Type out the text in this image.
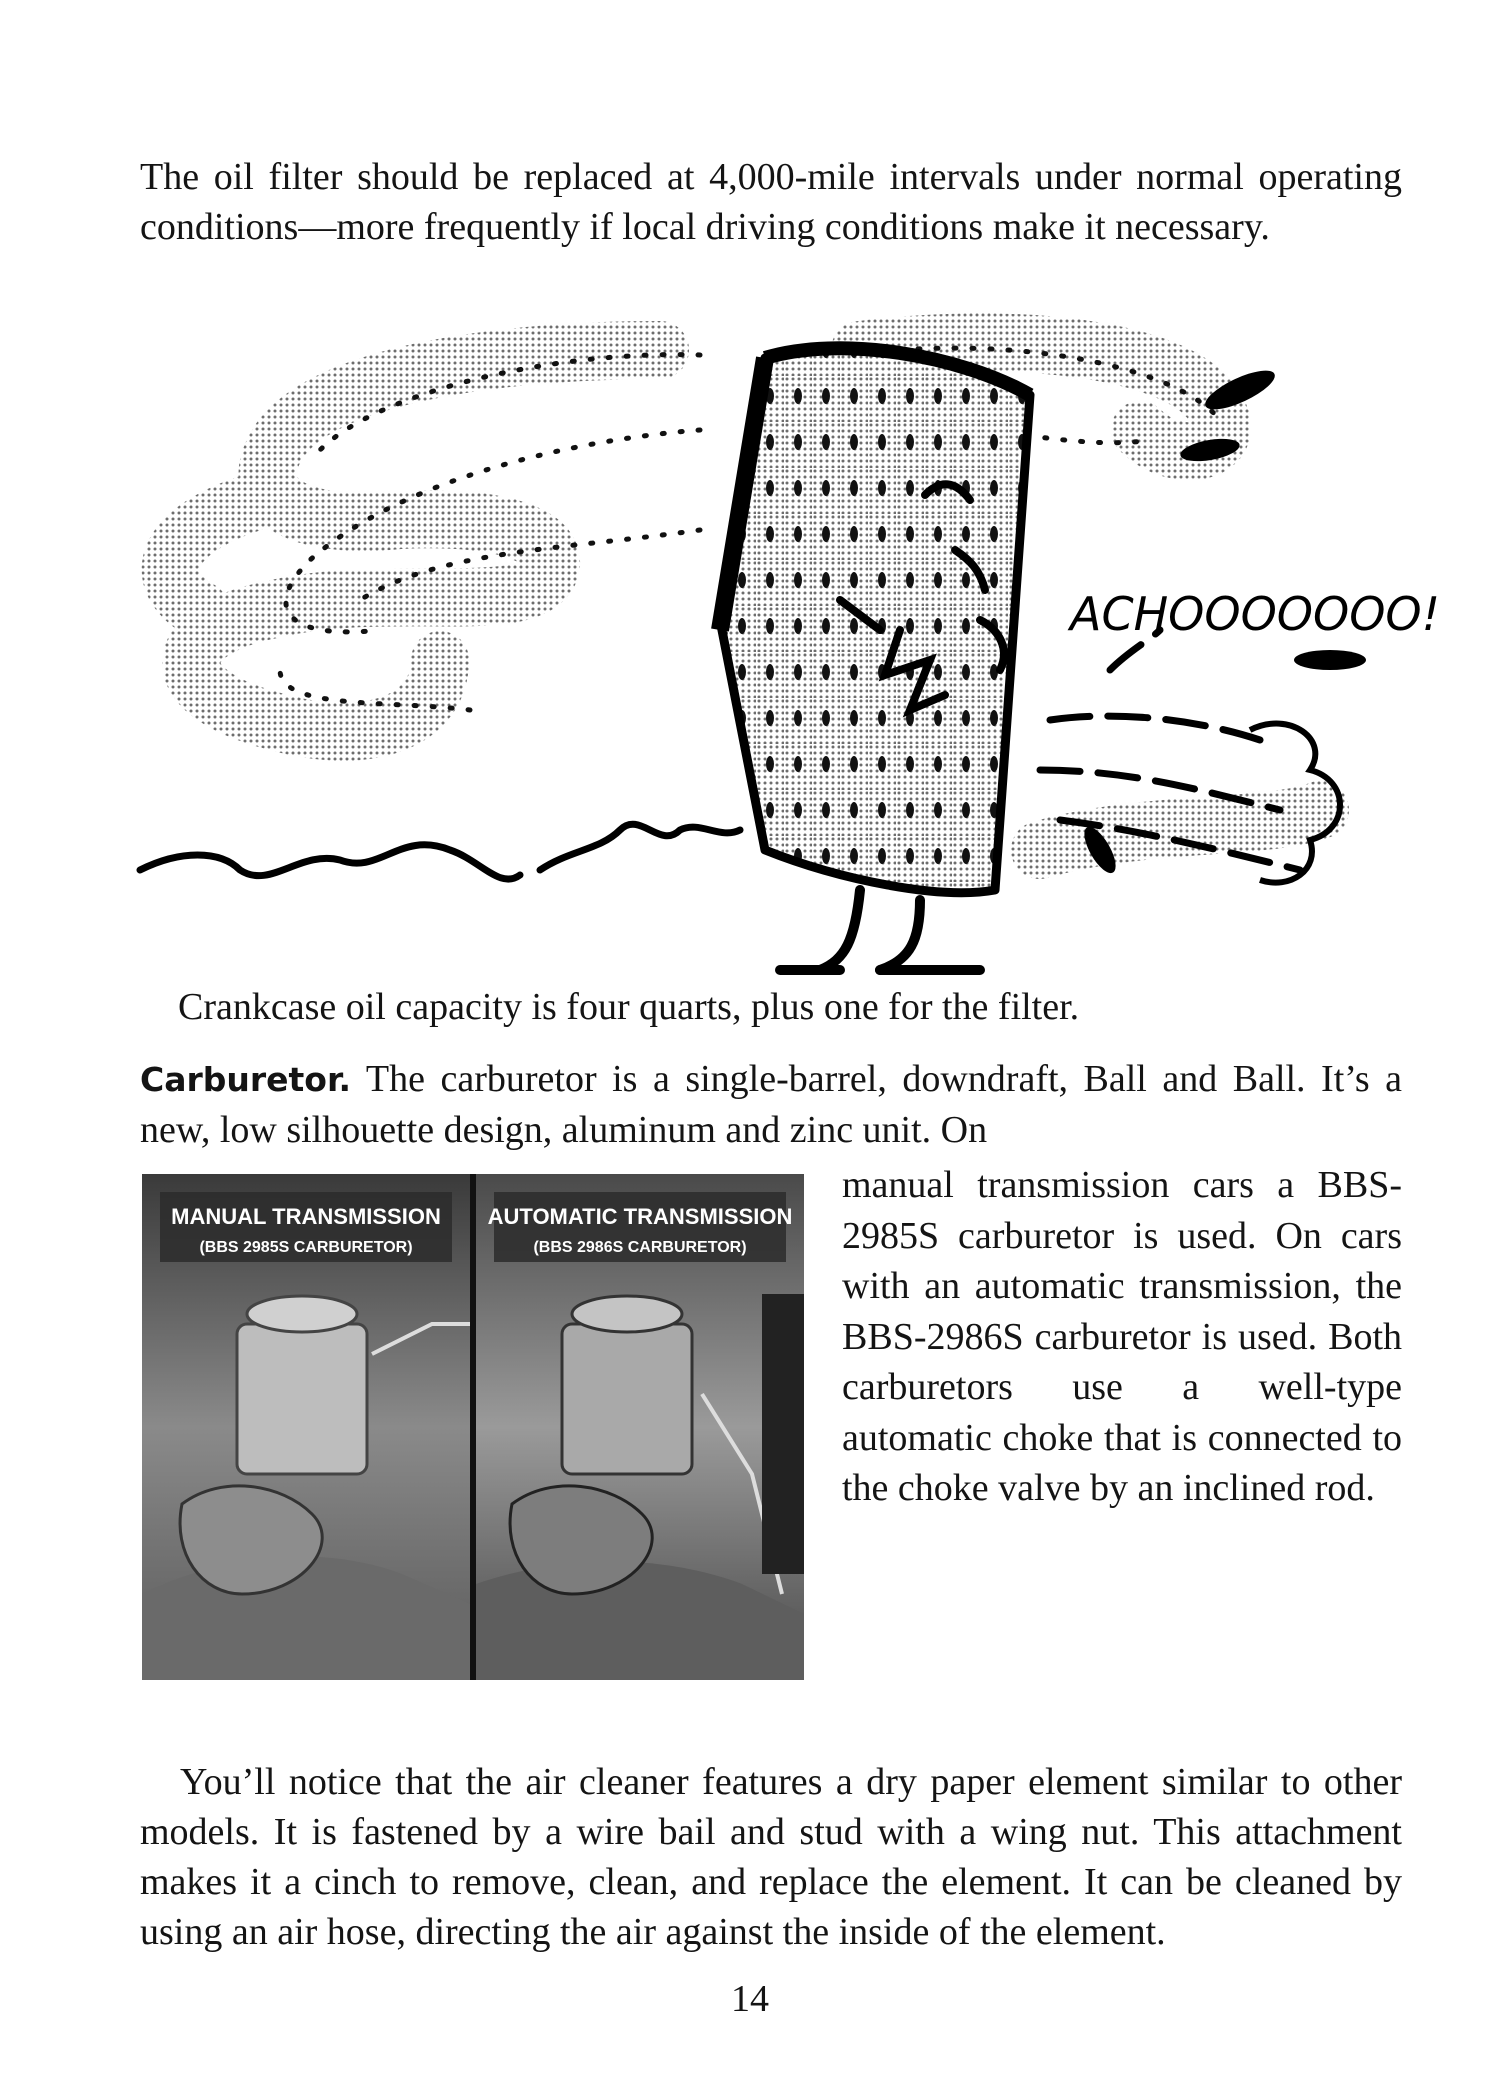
The oil filter should be replaced at 4,000-mile intervals under normal operating conditions—more frequently if local driving conditions make it necessary.

ACHOOOOOOO!

Crankcase oil capacity is four quarts, plus one for the filter.

Carburetor. The carburetor is a single-barrel, downdraft, Ball and Ball. It’s a new, low silhouette design, aluminum and zinc unit. On

MANUAL TRANSMISSION
(BBS 2985S CARBURETOR)
AUTOMATIC TRANSMISSION
(BBS 2986S CARBURETOR)

manual transmission cars a BBS-2985S carburetor is used. On cars with an automatic transmission, the BBS-2986S carburetor is used. Both carburetors use a well-type automatic choke that is connected to the choke valve by an inclined rod.

You’ll notice that the air cleaner features a dry paper element similar to other models. It is fastened by a wire bail and stud with a wing nut. This attachment makes it a cinch to remove, clean, and replace the element. It can be cleaned by using an air hose, directing the air against the inside of the element.

14
